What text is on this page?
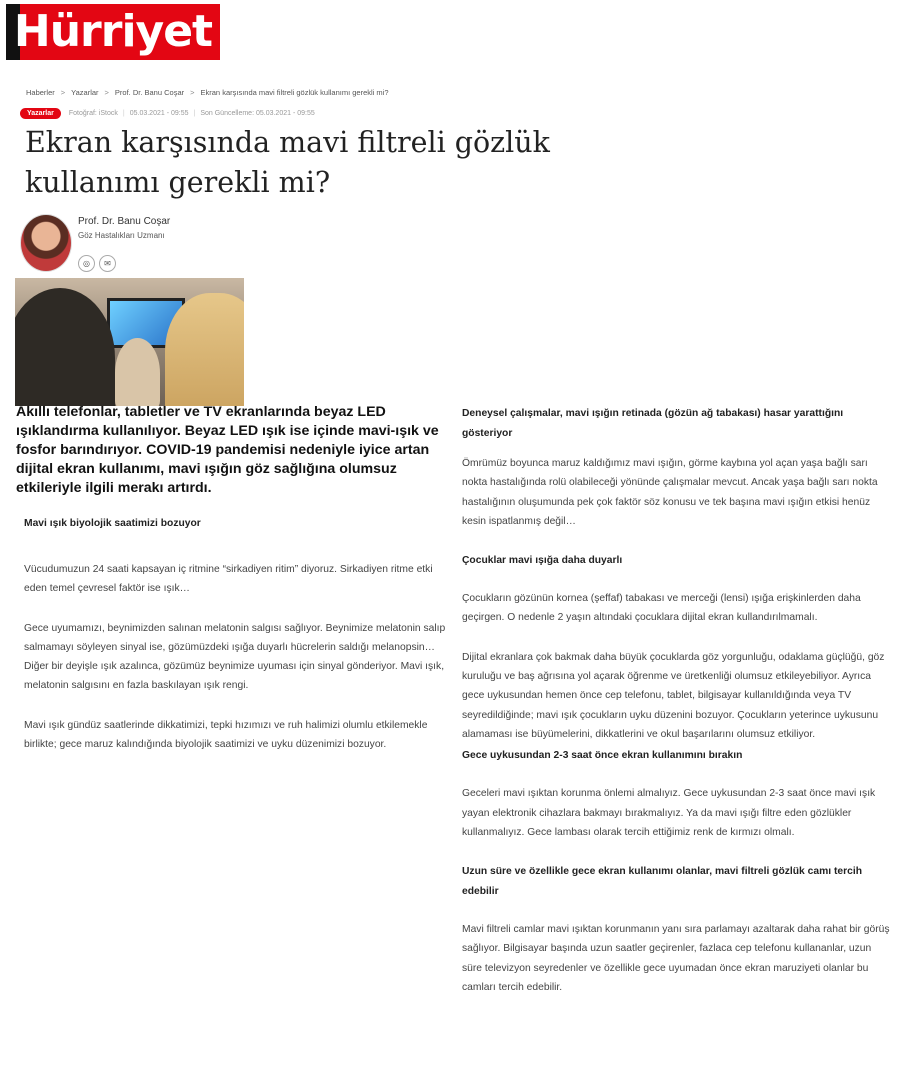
Hürriyet
Haberler > Yazarlar > Prof. Dr. Banu Coşar > Ekran karşısında mavi filtreli gözlük kullanımı gerekli mi?
Yazarlar	Fotoğraf: iStock | 05.03.2021 - 09:55 | Son Güncelleme: 05.03.2021 - 09:55
Ekran karşısında mavi filtreli gözlük kullanımı gerekli mi?
Prof. Dr. Banu Coşar
Göz Hastalıkları Uzmanı
◎	✉

Akıllı telefonlar, tabletler ve TV ekranlarında beyaz LED ışıklandırma kullanılıyor. Beyaz LED ışık ise içinde mavi-ışık ve fosfor barındırıyor. COVID-19 pandemisi nedeniyle iyice artan dijital ekran kullanımı, mavi ışığın göz sağlığına olumsuz etkileriyle ilgili merakı artırdı.

Mavi ışık biyolojik saatimizi bozuyor

Vücudumuzun 24 saati kapsayan iç ritmine “sirkadiyen ritim” diyoruz. Sirkadiyen ritme etki eden temel çevresel faktör ise ışık…

Gece uyumamızı, beynimizden salınan melatonin salgısı sağlıyor. Beynimize melatonin salıp salmamayı söyleyen sinyal ise, gözümüzdeki ışığa duyarlı hücrelerin saldığı melanopsin… Diğer bir deyişle ışık azalınca, gözümüz beynimize uyuması için sinyal gönderiyor. Mavi ışık, melatonin salgısını en fazla baskılayan ışık rengi.

Mavi ışık gündüz saatlerinde dikkatimizi, tepki hızımızı ve ruh halimizi olumlu etkilemekle birlikte; gece maruz kalındığında biyolojik saatimizi ve uyku düzenimizi bozuyor.

Deneysel çalışmalar, mavi ışığın retinada (gözün ağ tabakası) hasar yarattığını gösteriyor

Ömrümüz boyunca maruz kaldığımız mavi ışığın, görme kaybına yol açan yaşa bağlı sarı nokta hastalığında rolü olabileceği yönünde çalışmalar mevcut. Ancak yaşa bağlı sarı nokta hastalığının oluşumunda pek çok faktör söz konusu ve tek başına mavi ışığın etkisi henüz kesin ispatlanmış değil…

Çocuklar mavi ışığa daha duyarlı

Çocukların gözünün kornea (şeffaf) tabakası ve merceği (lensi) ışığa erişkinlerden daha geçirgen. O nedenle 2 yaşın altındaki çocuklara dijital ekran kullandırılmamalı.

Dijital ekranlara çok bakmak daha büyük çocuklarda göz yorgunluğu, odaklama güçlüğü, göz kuruluğu ve baş ağrısına yol açarak öğrenme ve üretkenliği olumsuz etkileyebiliyor. Ayrıca gece uykusundan hemen önce cep telefonu, tablet, bilgisayar kullanıldığında veya TV seyredildiğinde; mavi ışık çocukların uyku düzenini bozuyor. Çocukların yeterince uykusunu alamaması ise büyümelerini, dikkatlerini ve okul başarılarını olumsuz etkiliyor.

Gece uykusundan 2-3 saat önce ekran kullanımını bırakın

Geceleri mavi ışıktan korunma önlemi almalıyız. Gece uykusundan 2-3 saat önce mavi ışık yayan elektronik cihazlara bakmayı bırakmalıyız. Ya da mavi ışığı filtre eden gözlükler kullanmalıyız. Gece lambası olarak tercih ettiğimiz renk de kırmızı olmalı.

Uzun süre ve özellikle gece ekran kullanımı olanlar, mavi filtreli gözlük camı tercih edebilir

Mavi filtreli camlar mavi ışıktan korunmanın yanı sıra parlamayı azaltarak daha rahat bir görüş sağlıyor. Bilgisayar başında uzun saatler geçirenler, fazlaca cep telefonu kullananlar, uzun süre televizyon seyredenler ve özellikle gece uyumadan önce ekran maruziyeti olanlar bu camları tercih edebilir.
